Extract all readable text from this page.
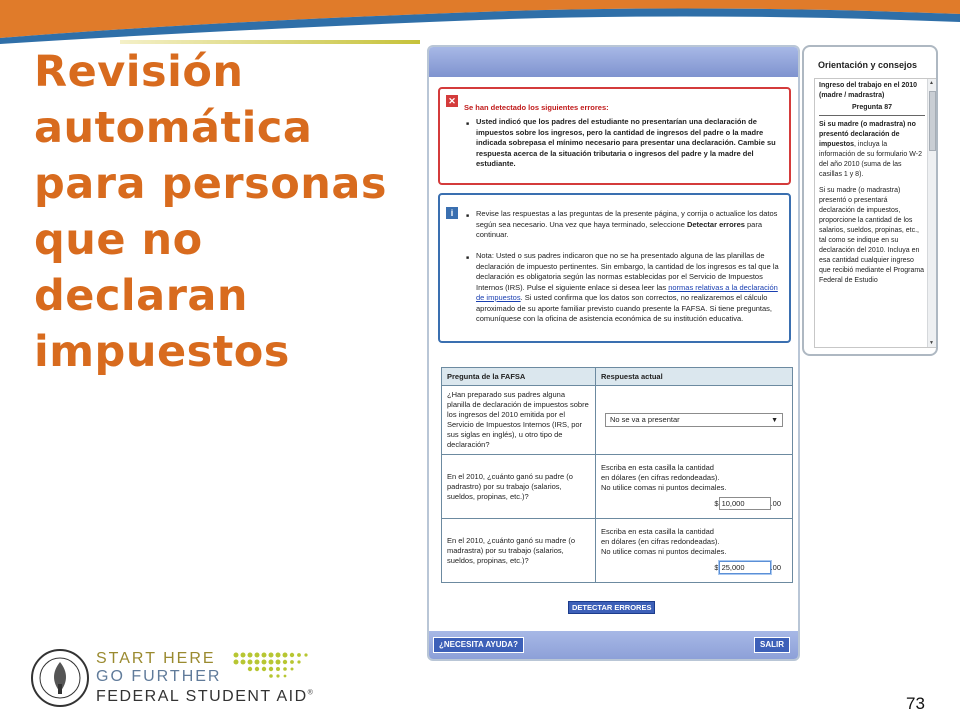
Revisión automática para personas que no declaran impuestos
✕
Se han detectado los siguientes errores:
■ Usted indicó que los padres del estudiante no presentarían una declaración de impuestos sobre los ingresos, pero la cantidad de ingresos del padre o la madre indicada sobrepasa el mínimo necesario para presentar una declaración. Cambie su respuesta acerca de la situación tributaria o ingresos del padre y la madre del estudiante.
i	■ Revise las respuestas a las preguntas de la presente página, y corrija o actualice los datos según sea necesario. Una vez que haya terminado, seleccione Detectar errores para continuar.
■ Nota: Usted o sus padres indicaron que no se ha presentado alguna de las planillas de declaración de impuesto pertinentes. Sin embargo, la cantidad de los ingresos es tal que la declaración es obligatoria según las normas establecidas por el Servicio de Impuestos Internos (IRS). Pulse el siguiente enlace si desea leer las normas relativas a la declaración de impuestos. Si usted confirma que los datos son correctos, no realizaremos el cálculo aproximado de su aporte familiar previsto cuando presente la FAFSA. Si tiene preguntas, comuníquese con la oficina de asistencia económica de su institución educativa.
Pregunta de la FAFSA	Respuesta actual
¿Han preparado sus padres alguna planilla de declaración de impuestos sobre los ingresos del 2010 emitida por el Servicio de Impuestos Internos (IRS, por sus siglas en inglés), u otro tipo de declaración?	No se va a presentar ▼

En el 2010, ¿cuánto ganó su padre (o padrastro) por su trabajo (salarios, sueldos, propinas, etc.)?	Escriba en esta casilla la cantidad
en dólares (en cifras redondeadas).
No utilice comas ni puntos decimales.
$ 10,000 .00

En el 2010, ¿cuánto ganó su madre (o madrastra) por su trabajo (salarios, sueldos, propinas, etc.)?	Escriba en esta casilla la cantidad
en dólares (en cifras redondeadas).
No utilice comas ni puntos decimales.
$ 25,000 .00
DETECTAR ERRORES
¿NECESITA AYUDA?	SALIR
Orientación y consejos
Ingreso del trabajo en el 2010 (madre / madrastra)
Pregunta 87
Si su madre (o madrastra) no presentó declaración de impuestos, incluya la información de su formulario W-2 del año 2010 (suma de las casillas 1 y 8).
Si su madre (o madrastra) presentó o presentará declaración de impuestos, proporcione la cantidad de los salarios, sueldos, propinas, etc., tal como se indique en su declaración del 2010. Incluya en esa cantidad cualquier ingreso que recibió mediante el Programa Federal de Estudio
▲
▼
START HERE
GO FURTHER
FEDERAL STUDENT AID®
73
